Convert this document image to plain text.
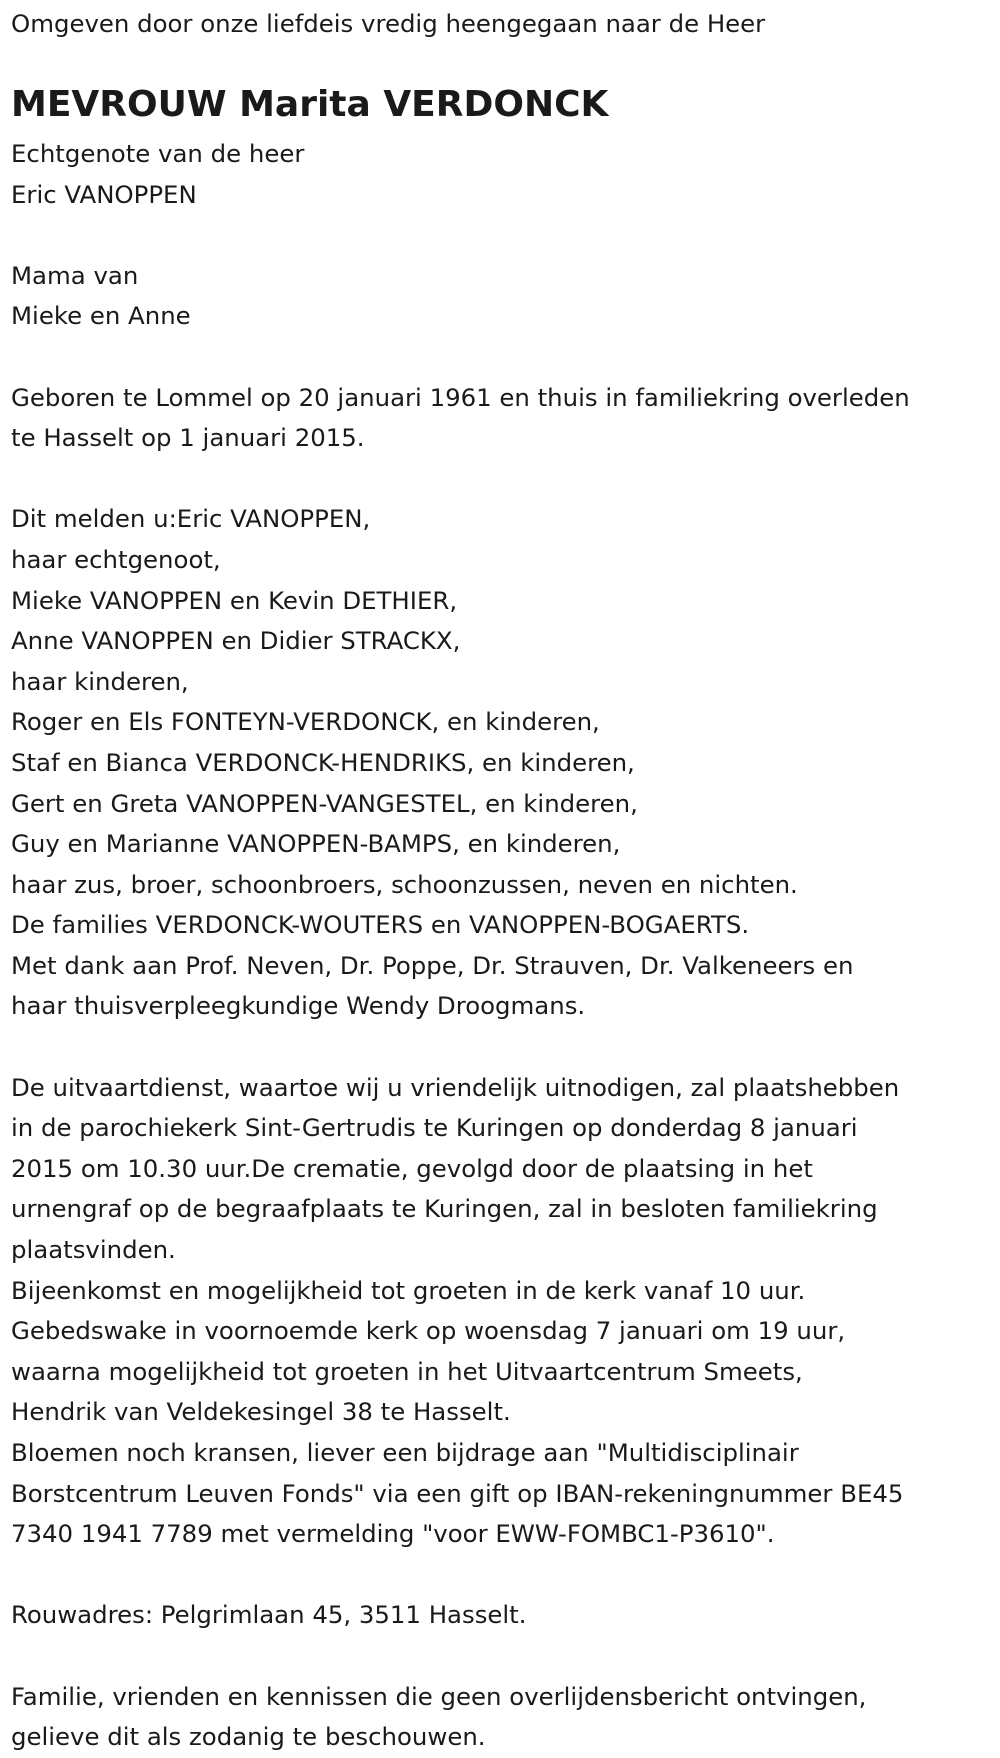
Omgeven door onze liefdeis vredig heengegaan naar de Heer
MEVROUW Marita VERDONCK
Echtgenote van de heer
Eric VANOPPEN
Mama van
Mieke en Anne
Geboren te Lommel op 20 januari 1961 en thuis in familiekring overleden
te Hasselt op 1 januari 2015.
Dit melden u:Eric VANOPPEN,
haar echtgenoot,
Mieke VANOPPEN en Kevin DETHIER,
Anne VANOPPEN en Didier STRACKX,
haar kinderen,
Roger en Els FONTEYN-VERDONCK, en kinderen,
Staf en Bianca VERDONCK-HENDRIKS, en kinderen,
Gert en Greta VANOPPEN-VANGESTEL, en kinderen,
Guy en Marianne VANOPPEN-BAMPS, en kinderen,
haar zus, broer, schoonbroers, schoonzussen, neven en nichten.
De families VERDONCK-WOUTERS en VANOPPEN-BOGAERTS.
Met dank aan Prof. Neven, Dr. Poppe, Dr. Strauven, Dr. Valkeneers en
haar thuisverpleegkundige Wendy Droogmans.
De uitvaartdienst, waartoe wij u vriendelijk uitnodigen, zal plaatshebben
in de parochiekerk Sint-Gertrudis te Kuringen op donderdag 8 januari
2015 om 10.30 uur.De crematie, gevolgd door de plaatsing in het
urnengraf op de begraafplaats te Kuringen, zal in besloten familiekring
plaatsvinden.
Bijeenkomst en mogelijkheid tot groeten in de kerk vanaf 10 uur.
Gebedswake in voornoemde kerk op woensdag 7 januari om 19 uur,
waarna mogelijkheid tot groeten in het Uitvaartcentrum Smeets,
Hendrik van Veldekesingel 38 te Hasselt.
Bloemen noch kransen, liever een bijdrage aan "Multidisciplinair
Borstcentrum Leuven Fonds" via een gift op IBAN-rekeningnummer BE45
7340 1941 7789 met vermelding "voor EWW-FOMBC1-P3610".
Rouwadres: Pelgrimlaan 45, 3511 Hasselt.
Familie, vrienden en kennissen die geen overlijdensbericht ontvingen,
gelieve dit als zodanig te beschouwen.
